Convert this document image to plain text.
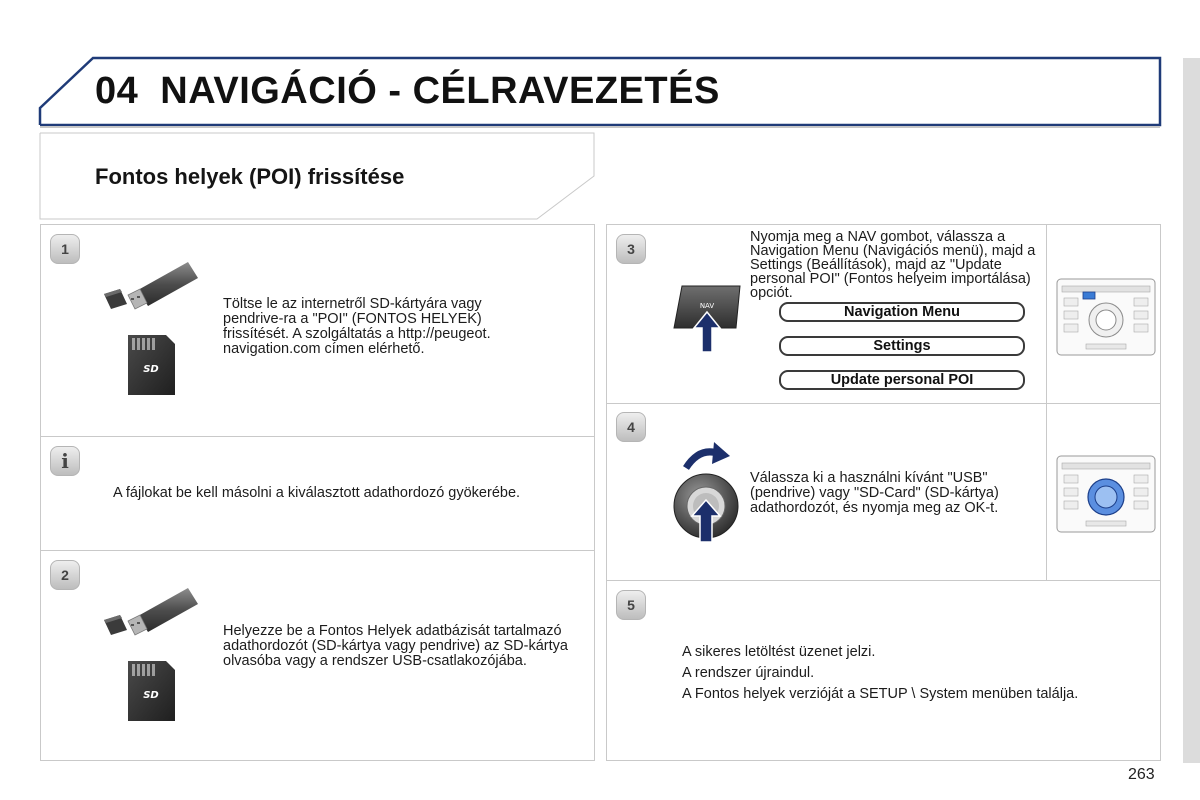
04 NAVIGÁCIÓ - CÉLRAVEZETÉS
Fontos helyek (POI) frissítése
1
SD
Töltse le az internetről SD-kártyára vagy pendrive-ra a "POI" (FONTOS HELYEK) frissítését. A szolgáltatás a http://peugeot. navigation.com címen elérhető.
i
A fájlokat be kell másolni a kiválasztott adathordozó gyökerébe.
2
SD
Helyezze be a Fontos Helyek adatbázisát tartalmazó adathordozót (SD-kártya vagy pendrive) az SD-kártya olvasóba vagy a rendszer USB-csatlakozójába.
3
NAV
Nyomja meg a NAV gombot, válassza a Navigation Menu (Navigációs menü), majd a Settings (Beállítások), majd az "Update personal POI" (Fontos helyeim importálása) opciót.
Navigation Menu
Settings
Update personal POI
4
Válassza ki a használni kívánt "USB" (pendrive) vagy "SD-Card" (SD-kártya) adathordozót, és nyomja meg az OK-t.
5
A sikeres letöltést üzenet jelzi.
A rendszer újraindul.
A Fontos helyek verzióját a SETUP \ System menüben találja.
263
